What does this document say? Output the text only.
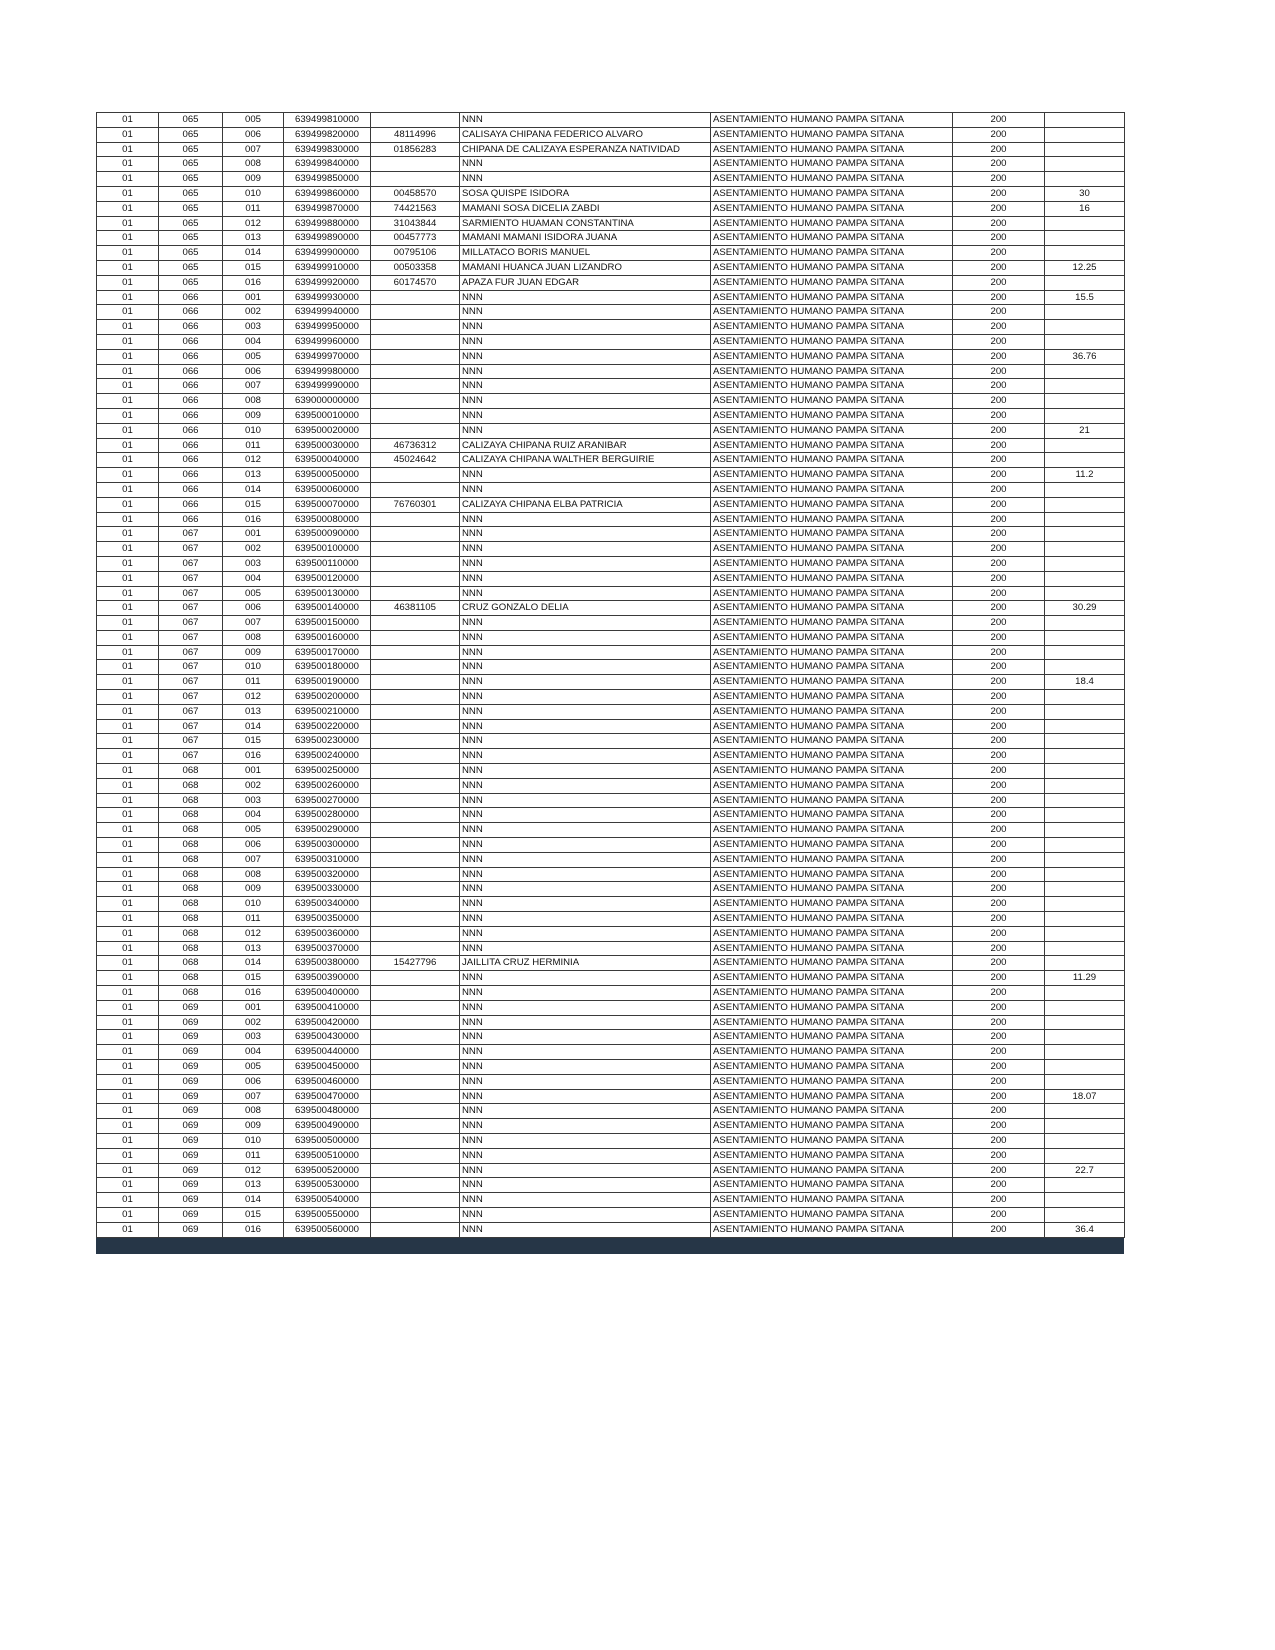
01	065	005	639499810000		NNN	ASENTAMIENTO HUMANO PAMPA SITANA	200	
01	065	006	639499820000	48114996	CALISAYA CHIPANA FEDERICO ALVARO	ASENTAMIENTO HUMANO PAMPA SITANA	200	
01	065	007	639499830000	01856283	CHIPANA DE CALIZAYA ESPERANZA NATIVIDAD	ASENTAMIENTO HUMANO PAMPA SITANA	200	
01	065	008	639499840000		NNN	ASENTAMIENTO HUMANO PAMPA SITANA	200	
01	065	009	639499850000		NNN	ASENTAMIENTO HUMANO PAMPA SITANA	200	
01	065	010	639499860000	00458570	SOSA QUISPE ISIDORA	ASENTAMIENTO HUMANO PAMPA SITANA	200	30
01	065	011	639499870000	74421563	MAMANI SOSA DICELIA ZABDI	ASENTAMIENTO HUMANO PAMPA SITANA	200	16
01	065	012	639499880000	31043844	SARMIENTO HUAMAN CONSTANTINA	ASENTAMIENTO HUMANO PAMPA SITANA	200	
01	065	013	639499890000	00457773	MAMANI MAMANI ISIDORA JUANA	ASENTAMIENTO HUMANO PAMPA SITANA	200	
01	065	014	639499900000	00795106	MILLATACO BORIS MANUEL	ASENTAMIENTO HUMANO PAMPA SITANA	200	
01	065	015	639499910000	00503358	MAMANI HUANCA JUAN LIZANDRO	ASENTAMIENTO HUMANO PAMPA SITANA	200	12.25
01	065	016	639499920000	60174570	APAZA FUR JUAN EDGAR	ASENTAMIENTO HUMANO PAMPA SITANA	200	
01	066	001	639499930000		NNN	ASENTAMIENTO HUMANO PAMPA SITANA	200	15.5
01	066	002	639499940000		NNN	ASENTAMIENTO HUMANO PAMPA SITANA	200	
01	066	003	639499950000		NNN	ASENTAMIENTO HUMANO PAMPA SITANA	200	
01	066	004	639499960000		NNN	ASENTAMIENTO HUMANO PAMPA SITANA	200	
01	066	005	639499970000		NNN	ASENTAMIENTO HUMANO PAMPA SITANA	200	36.76
01	066	006	639499980000		NNN	ASENTAMIENTO HUMANO PAMPA SITANA	200	
01	066	007	639499990000		NNN	ASENTAMIENTO HUMANO PAMPA SITANA	200	
01	066	008	639000000000		NNN	ASENTAMIENTO HUMANO PAMPA SITANA	200	
01	066	009	639500010000		NNN	ASENTAMIENTO HUMANO PAMPA SITANA	200	
01	066	010	639500020000		NNN	ASENTAMIENTO HUMANO PAMPA SITANA	200	21
01	066	011	639500030000	46736312	CALIZAYA CHIPANA RUIZ ARANIBAR	ASENTAMIENTO HUMANO PAMPA SITANA	200	
01	066	012	639500040000	45024642	CALIZAYA CHIPANA WALTHER BERGUIRIE	ASENTAMIENTO HUMANO PAMPA SITANA	200	
01	066	013	639500050000		NNN	ASENTAMIENTO HUMANO PAMPA SITANA	200	11.2
01	066	014	639500060000		NNN	ASENTAMIENTO HUMANO PAMPA SITANA	200	
01	066	015	639500070000	76760301	CALIZAYA CHIPANA ELBA PATRICIA	ASENTAMIENTO HUMANO PAMPA SITANA	200	
01	066	016	639500080000		NNN	ASENTAMIENTO HUMANO PAMPA SITANA	200	
01	067	001	639500090000		NNN	ASENTAMIENTO HUMANO PAMPA SITANA	200	
01	067	002	639500100000		NNN	ASENTAMIENTO HUMANO PAMPA SITANA	200	
01	067	003	639500110000		NNN	ASENTAMIENTO HUMANO PAMPA SITANA	200	
01	067	004	639500120000		NNN	ASENTAMIENTO HUMANO PAMPA SITANA	200	
01	067	005	639500130000		NNN	ASENTAMIENTO HUMANO PAMPA SITANA	200	
01	067	006	639500140000	46381105	CRUZ GONZALO DELIA	ASENTAMIENTO HUMANO PAMPA SITANA	200	30.29
01	067	007	639500150000		NNN	ASENTAMIENTO HUMANO PAMPA SITANA	200	
01	067	008	639500160000		NNN	ASENTAMIENTO HUMANO PAMPA SITANA	200	
01	067	009	639500170000		NNN	ASENTAMIENTO HUMANO PAMPA SITANA	200	
01	067	010	639500180000		NNN	ASENTAMIENTO HUMANO PAMPA SITANA	200	
01	067	011	639500190000		NNN	ASENTAMIENTO HUMANO PAMPA SITANA	200	18.4
01	067	012	639500200000		NNN	ASENTAMIENTO HUMANO PAMPA SITANA	200	
01	067	013	639500210000		NNN	ASENTAMIENTO HUMANO PAMPA SITANA	200	
01	067	014	639500220000		NNN	ASENTAMIENTO HUMANO PAMPA SITANA	200	
01	067	015	639500230000		NNN	ASENTAMIENTO HUMANO PAMPA SITANA	200	
01	067	016	639500240000		NNN	ASENTAMIENTO HUMANO PAMPA SITANA	200	
01	068	001	639500250000		NNN	ASENTAMIENTO HUMANO PAMPA SITANA	200	
01	068	002	639500260000		NNN	ASENTAMIENTO HUMANO PAMPA SITANA	200	
01	068	003	639500270000		NNN	ASENTAMIENTO HUMANO PAMPA SITANA	200	
01	068	004	639500280000		NNN	ASENTAMIENTO HUMANO PAMPA SITANA	200	
01	068	005	639500290000		NNN	ASENTAMIENTO HUMANO PAMPA SITANA	200	
01	068	006	639500300000		NNN	ASENTAMIENTO HUMANO PAMPA SITANA	200	
01	068	007	639500310000		NNN	ASENTAMIENTO HUMANO PAMPA SITANA	200	
01	068	008	639500320000		NNN	ASENTAMIENTO HUMANO PAMPA SITANA	200	
01	068	009	639500330000		NNN	ASENTAMIENTO HUMANO PAMPA SITANA	200	
01	068	010	639500340000		NNN	ASENTAMIENTO HUMANO PAMPA SITANA	200	
01	068	011	639500350000		NNN	ASENTAMIENTO HUMANO PAMPA SITANA	200	
01	068	012	639500360000		NNN	ASENTAMIENTO HUMANO PAMPA SITANA	200	
01	068	013	639500370000		NNN	ASENTAMIENTO HUMANO PAMPA SITANA	200	
01	068	014	639500380000	15427796	JAILLITA CRUZ HERMINIA	ASENTAMIENTO HUMANO PAMPA SITANA	200	
01	068	015	639500390000		NNN	ASENTAMIENTO HUMANO PAMPA SITANA	200	11.29
01	068	016	639500400000		NNN	ASENTAMIENTO HUMANO PAMPA SITANA	200	
01	069	001	639500410000		NNN	ASENTAMIENTO HUMANO PAMPA SITANA	200	
01	069	002	639500420000		NNN	ASENTAMIENTO HUMANO PAMPA SITANA	200	
01	069	003	639500430000		NNN	ASENTAMIENTO HUMANO PAMPA SITANA	200	
01	069	004	639500440000		NNN	ASENTAMIENTO HUMANO PAMPA SITANA	200	
01	069	005	639500450000		NNN	ASENTAMIENTO HUMANO PAMPA SITANA	200	
01	069	006	639500460000		NNN	ASENTAMIENTO HUMANO PAMPA SITANA	200	
01	069	007	639500470000		NNN	ASENTAMIENTO HUMANO PAMPA SITANA	200	18.07
01	069	008	639500480000		NNN	ASENTAMIENTO HUMANO PAMPA SITANA	200	
01	069	009	639500490000		NNN	ASENTAMIENTO HUMANO PAMPA SITANA	200	
01	069	010	639500500000		NNN	ASENTAMIENTO HUMANO PAMPA SITANA	200	
01	069	011	639500510000		NNN	ASENTAMIENTO HUMANO PAMPA SITANA	200	
01	069	012	639500520000		NNN	ASENTAMIENTO HUMANO PAMPA SITANA	200	22.7
01	069	013	639500530000		NNN	ASENTAMIENTO HUMANO PAMPA SITANA	200	
01	069	014	639500540000		NNN	ASENTAMIENTO HUMANO PAMPA SITANA	200	
01	069	015	639500550000		NNN	ASENTAMIENTO HUMANO PAMPA SITANA	200	
01	069	016	639500560000		NNN	ASENTAMIENTO HUMANO PAMPA SITANA	200	36.4
